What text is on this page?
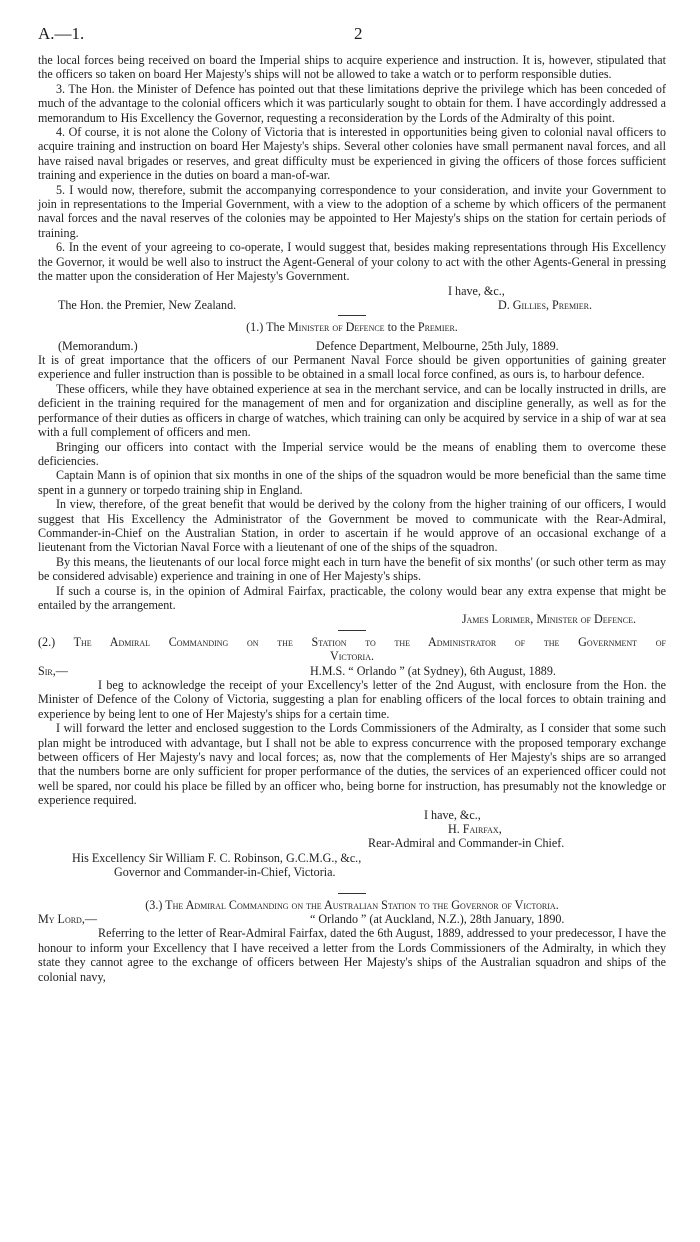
A.—1.	2

the local forces being received on board the Imperial ships to acquire experience and instruction. It is, however, stipulated that the officers so taken on board Her Majesty's ships will not be allowed to take a watch or to perform responsible duties.

3. The Hon. the Minister of Defence has pointed out that these limitations deprive the privilege which has been conceded of much of the advantage to the colonial officers which it was particularly sought to obtain for them. I have accordingly addressed a memorandum to His Excellency the Governor, requesting a reconsideration by the Lords of the Admiralty of this point.

4. Of course, it is not alone the Colony of Victoria that is interested in opportunities being given to colonial naval officers to acquire training and instruction on board Her Majesty's ships. Several other colonies have small permanent naval forces, and all have raised naval brigades or reserves, and great difficulty must be experienced in giving the officers of those forces sufficient training and experience in the duties on board a man-of-war.

5. I would now, therefore, submit the accompanying correspondence to your consideration, and invite your Government to join in representations to the Imperial Government, with a view to the adoption of a scheme by which officers of the permanent naval forces and the naval reserves of the colonies may be appointed to Her Majesty's ships on the station for certain periods of training.

6. In the event of your agreeing to co-operate, I would suggest that, besides making representations through His Excellency the Governor, it would be well also to instruct the Agent-General of your colony to act with the other Agents-General in pressing the matter upon the consideration of Her Majesty's Government.

I have, &c.,
The Hon. the Premier, New Zealand.	D. Gillies, Premier.

(1.) The Minister of Defence to the Premier.

(Memorandum.)	Defence Department, Melbourne, 25th July, 1889.

It is of great importance that the officers of our Permanent Naval Force should be given opportunities of gaining greater experience and fuller instruction than is possible to be obtained in a small local force confined, as ours is, to harbour defence.

These officers, while they have obtained experience at sea in the merchant service, and can be locally instructed in drills, are deficient in the training required for the management of men and for organization and discipline generally, as well as for the performance of their duties as officers in charge of watches, which training can only be acquired by service in a ship of war at sea with a full complement of officers and men.

Bringing our officers into contact with the Imperial service would be the means of enabling them to overcome these deficiencies.

Captain Mann is of opinion that six months in one of the ships of the squadron would be more beneficial than the same time spent in a gunnery or torpedo training ship in England.

In view, therefore, of the great benefit that would be derived by the colony from the higher training of our officers, I would suggest that His Excellency the Administrator of the Government be moved to communicate with the Rear-Admiral, Commander-in-Chief on the Australian Station, in order to ascertain if he would approve of an occasional exchange of a lieutenant from the Victorian Naval Force with a lieutenant of one of the ships of the squadron.

By this means, the lieutenants of our local force might each in turn have the benefit of six months' (or such other term as may be considered advisable) experience and training in one of Her Majesty's ships.

If such a course is, in the opinion of Admiral Fairfax, practicable, the colony would bear any extra expense that might be entailed by the arrangement.

James Lorimer, Minister of Defence.

(2.) The Admiral Commanding on the Station to the Administrator of the Government of

Victoria.

Sir,—	H.M.S. “ Orlando ” (at Sydney), 6th August, 1889.

I beg to acknowledge the receipt of your Excellency's letter of the 2nd August, with enclosure from the Hon. the Minister of Defence of the Colony of Victoria, suggesting a plan for enabling officers of the local forces to obtain training and experience by being lent to one of Her Majesty's ships for a certain time.

I will forward the letter and enclosed suggestion to the Lords Commissioners of the Admiralty, as I consider that some such plan might be introduced with advantage, but I shall not be able to express concurrence with the proposed temporary exchange between officers of Her Majesty's navy and local forces; as, now that the complements of Her Majesty's ships are so arranged that the numbers borne are only sufficient for proper performance of the duties, the services of an experienced officer could not well be spared, nor could his place be filled by an officer who, being borne for instruction, has presumably not the knowledge or experience required.

I have, &c.,

H. Fairfax,

Rear-Admiral and Commander-in Chief.

His Excellency Sir William F. C. Robinson, G.C.M.G., &c.,

Governor and Commander-in-Chief, Victoria.

(3.) The Admiral Commanding on the Australian Station to the Governor of Victoria.

My Lord,—	“ Orlando ” (at Auckland, N.Z.), 28th January, 1890.

Referring to the letter of Rear-Admiral Fairfax, dated the 6th August, 1889, addressed to your predecessor, I have the honour to inform your Excellency that I have received a letter from the Lords Commissioners of the Admiralty, in which they state they cannot agree to the exchange of officers between Her Majesty's ships of the Australian squadron and ships of the colonial navy,
